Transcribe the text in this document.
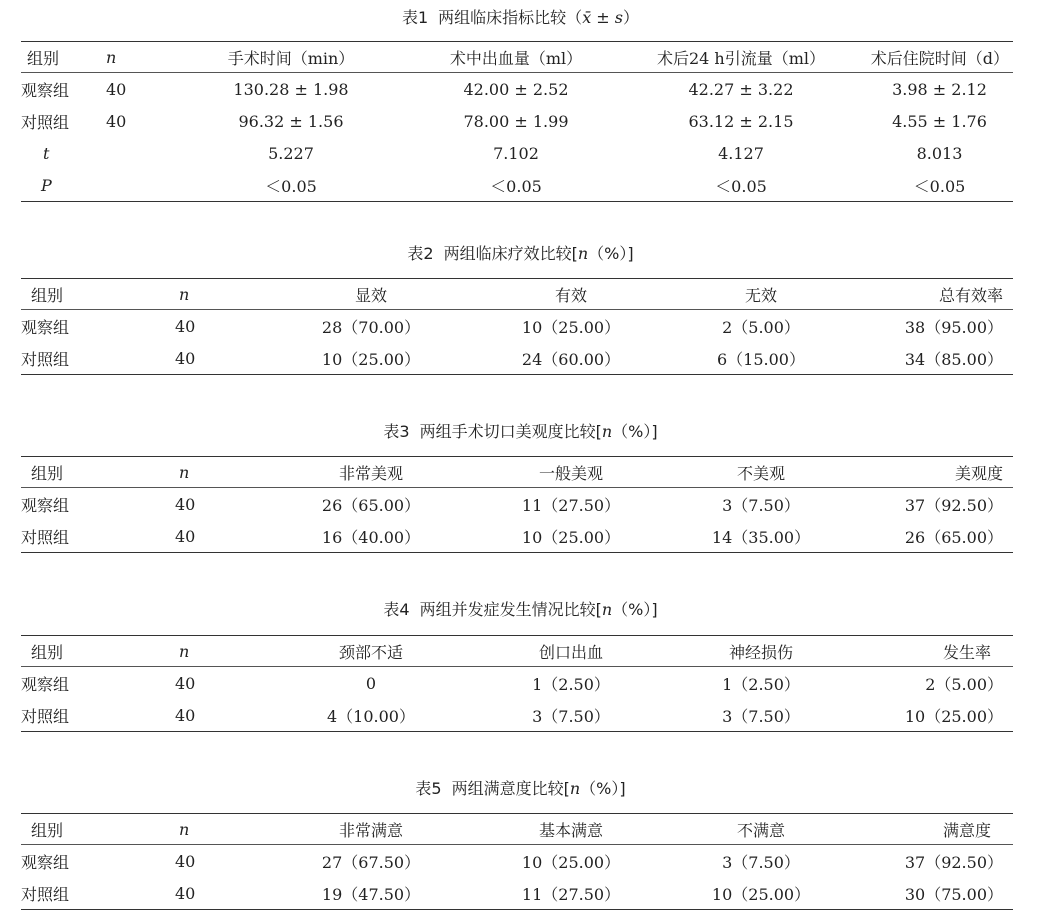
表1 两组临床指标比较（x̄ ± s）
组别	n	手术时间（min）	术中出血量（ml）	术后24 h引流量（ml）	术后住院时间（d）
观察组	40	130.28 ± 1.98	42.00 ± 2.52	42.27 ± 3.22	3.98 ± 2.12
对照组	40	96.32 ± 1.56	78.00 ± 1.99	63.12 ± 2.15	4.55 ± 1.76
t		5.227	7.102	4.127	8.013
P		＜0.05	＜0.05	＜0.05	＜0.05
表2 两组临床疗效比较[n（%）]
组别	n	显效	有效	无效	总有效率
观察组	40	28（70.00）	10（25.00）	2（5.00）	38（95.00）
对照组	40	10（25.00）	24（60.00）	6（15.00）	34（85.00）
表3 两组手术切口美观度比较[n（%）]
组别	n	非常美观	一般美观	不美观	美观度
观察组	40	26（65.00）	11（27.50）	3（7.50）	37（92.50）
对照组	40	16（40.00）	10（25.00）	14（35.00）	26（65.00）
表4 两组并发症发生情况比较[n（%）]
组别	n	颈部不适	创口出血	神经损伤	发生率
观察组	40	0	1（2.50）	1（2.50）	2（5.00）
对照组	40	4（10.00）	3（7.50）	3（7.50）	10（25.00）
表5 两组满意度比较[n（%）]
组别	n	非常满意	基本满意	不满意	满意度
观察组	40	27（67.50）	10（25.00）	3（7.50）	37（92.50）
对照组	40	19（47.50）	11（27.50）	10（25.00）	30（75.00）
